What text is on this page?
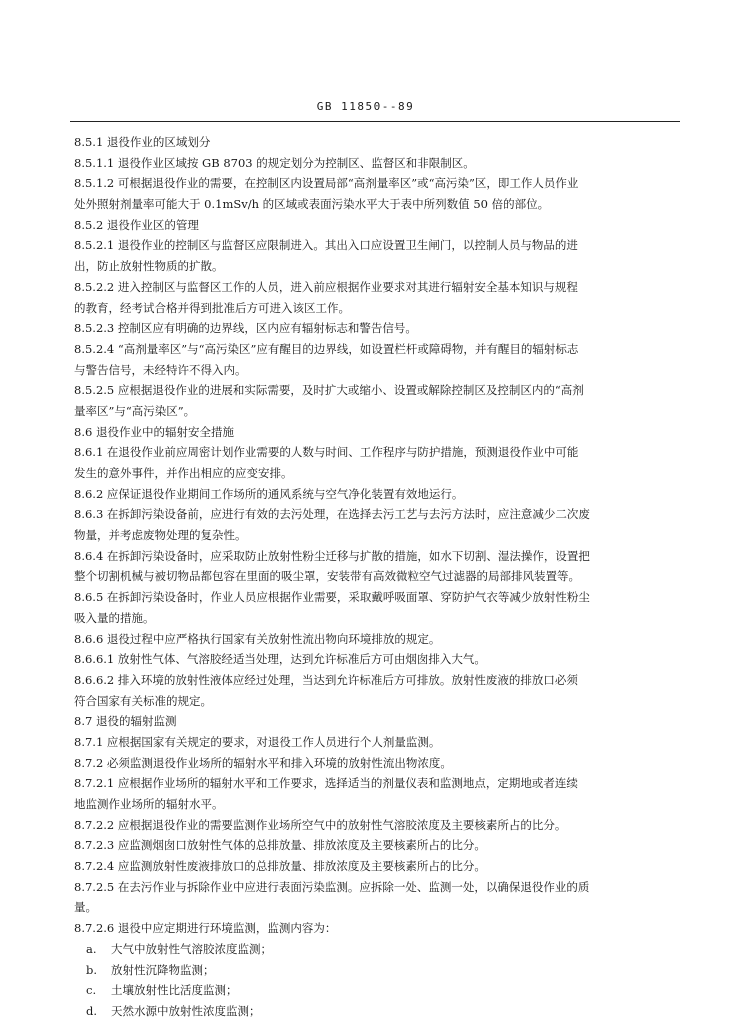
GB 11850--89
8.5.1 退役作业的区域划分
8.5.1.1 退役作业区域按 GB 8703 的规定划分为控制区、监督区和非限制区。
8.5.1.2 可根据退役作业的需要，在控制区内设置局部“高剂量率区”或“高污染”区，即工作人员作业
处外照射剂量率可能大于 0.1mSv/h 的区域或表面污染水平大于表中所列数值 50 倍的部位。
8.5.2 退役作业区的管理
8.5.2.1 退役作业的控制区与监督区应限制进入。其出入口应设置卫生闸门，以控制人员与物品的进
出，防止放射性物质的扩散。
8.5.2.2 进入控制区与监督区工作的人员，进入前应根据作业要求对其进行辐射安全基本知识与规程
的教育，经考试合格并得到批准后方可进入该区工作。
8.5.2.3 控制区应有明确的边界线，区内应有辐射标志和警告信号。
8.5.2.4 “高剂量率区”与“高污染区”应有醒目的边界线，如设置栏杆或障碍物，并有醒目的辐射标志
与警告信号，未经特许不得入内。
8.5.2.5 应根据退役作业的进展和实际需要，及时扩大或缩小、设置或解除控制区及控制区内的“高剂
量率区”与“高污染区”。
8.6 退役作业中的辐射安全措施
8.6.1 在退役作业前应周密计划作业需要的人数与时间、工作程序与防护措施，预测退役作业中可能
发生的意外事件，并作出相应的应变安排。
8.6.2 应保证退役作业期间工作场所的通风系统与空气净化装置有效地运行。
8.6.3 在拆卸污染设备前，应进行有效的去污处理，在选择去污工艺与去污方法时，应注意减少二次废
物量，并考虑废物处理的复杂性。
8.6.4 在拆卸污染设备时，应采取防止放射性粉尘迁移与扩散的措施，如水下切割、湿法操作，设置把
整个切割机械与被切物品都包容在里面的吸尘罩，安装带有高效微粒空气过滤器的局部排风装置等。
8.6.5 在拆卸污染设备时，作业人员应根据作业需要，采取戴呼吸面罩、穿防护气衣等减少放射性粉尘
吸入量的措施。
8.6.6 退役过程中应严格执行国家有关放射性流出物向环境排放的规定。
8.6.6.1 放射性气体、气溶胶经适当处理，达到允许标准后方可由烟囱排入大气。
8.6.6.2 排入环境的放射性液体应经过处理，当达到允许标准后方可排放。放射性废液的排放口必须
符合国家有关标准的规定。
8.7 退役的辐射监测
8.7.1 应根据国家有关规定的要求，对退役工作人员进行个人剂量监测。
8.7.2 必须监测退役作业场所的辐射水平和排入环境的放射性流出物浓度。
8.7.2.1 应根据作业场所的辐射水平和工作要求，选择适当的剂量仪表和监测地点，定期地或者连续
地监测作业场所的辐射水平。
8.7.2.2 应根据退役作业的需要监测作业场所空气中的放射性气溶胶浓度及主要核素所占的比分。
8.7.2.3 应监测烟囱口放射性气体的总排放量、排放浓度及主要核素所占的比分。
8.7.2.4 应监测放射性废液排放口的总排放量、排放浓度及主要核素所占的比分。
8.7.2.5 在去污作业与拆除作业中应进行表面污染监测。应拆除一处、监测一处，以确保退役作业的质
量。
8.7.2.6 退役中应定期进行环境监测，监测内容为：
a. 大气中放射性气溶胶浓度监测；
b. 放射性沉降物监测；
c. 土壤放射性比活度监测；
d. 天然水源中放射性浓度监测；
